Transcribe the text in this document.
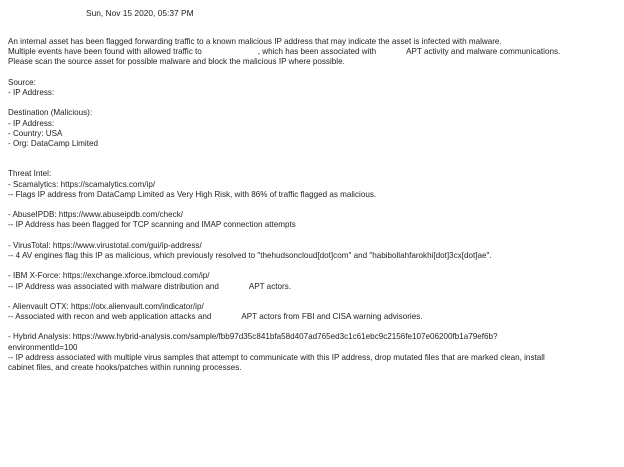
Sun, Nov 15 2020, 05:37 PM
An internal asset has been flagged forwarding traffic to a known malicious IP address that may indicate the asset is infected with malware.
Multiple events have been found with allowed traffic to	, which has been associated with	APT activity and malware communications.
Please scan the source asset for possible malware and block the malicious IP where possible.
Source:
- IP Address:
Destination (Malicious):
- IP Address:
- Country: USA
- Org: DataCamp Limited
Threat Intel:
- Scamalytics: https://scamalytics.com/ip/
-- Flags IP address from DataCamp Limited as Very High Risk, with 86% of traffic flagged as malicious.
- AbuseIPDB: https://www.abuseipdb.com/check/
-- IP Address has been flagged for TCP scanning and IMAP connection attempts
- VirusTotal: https://www.virustotal.com/gui/ip-address/
-- 4 AV engines flag this IP as malicious, which previously resolved to "thehudsoncloud[dot]com" and "habibollahfarokhi[dot]3cx[dot]ae".
- IBM X-Force: https://exchange.xforce.ibmcloud.com/ip/
-- IP Address was associated with malware distribution and	APT actors.
- Alienvault OTX: https://otx.alienvault.com/indicator/ip/
-- Associated with recon and web application attacks and	APT actors from FBI and CISA warning advisories.
- Hybrid Analysis: https://www.hybrid-analysis.com/sample/fbb97d35c841bfa58d407ad765ed3c1c61ebc9c2156fe107e06200fb1a79ef6b?
environmentId=100
-- IP address associated with multiple virus samples that attempt to communicate with this IP address, drop mutated files that are marked clean, install
cabinet files, and create hooks/patches within running processes.
